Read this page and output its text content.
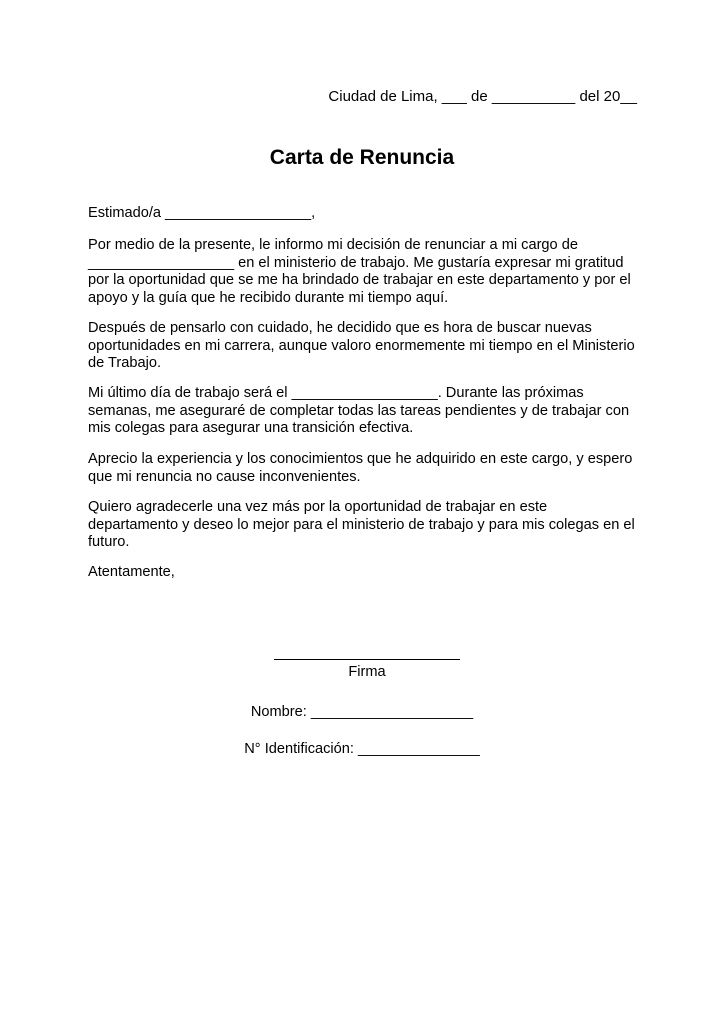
Ciudad de Lima, ___ de __________ del 20__
Carta de Renuncia

Estimado/a __________________,

Por medio de la presente, le informo mi decisión de renunciar a mi cargo de __________________ en el ministerio de trabajo. Me gustaría expresar mi gratitud por la oportunidad que se me ha brindado de trabajar en este departamento y por el apoyo y la guía que he recibido durante mi tiempo aquí.

Después de pensarlo con cuidado, he decidido que es hora de buscar nuevas oportunidades en mi carrera, aunque valoro enormemente mi tiempo en el Ministerio de Trabajo.

Mi último día de trabajo será el __________________. Durante las próximas semanas, me aseguraré de completar todas las tareas pendientes y de trabajar con mis colegas para asegurar una transición efectiva.

Aprecio la experiencia y los conocimientos que he adquirido en este cargo, y espero que mi renuncia no cause inconvenientes.

Quiero agradecerle una vez más por la oportunidad de trabajar en este departamento y deseo lo mejor para el ministerio de trabajo y para mis colegas en el futuro.

Atentamente,

Firma
Nombre: ____________________
N° Identificación: _______________
